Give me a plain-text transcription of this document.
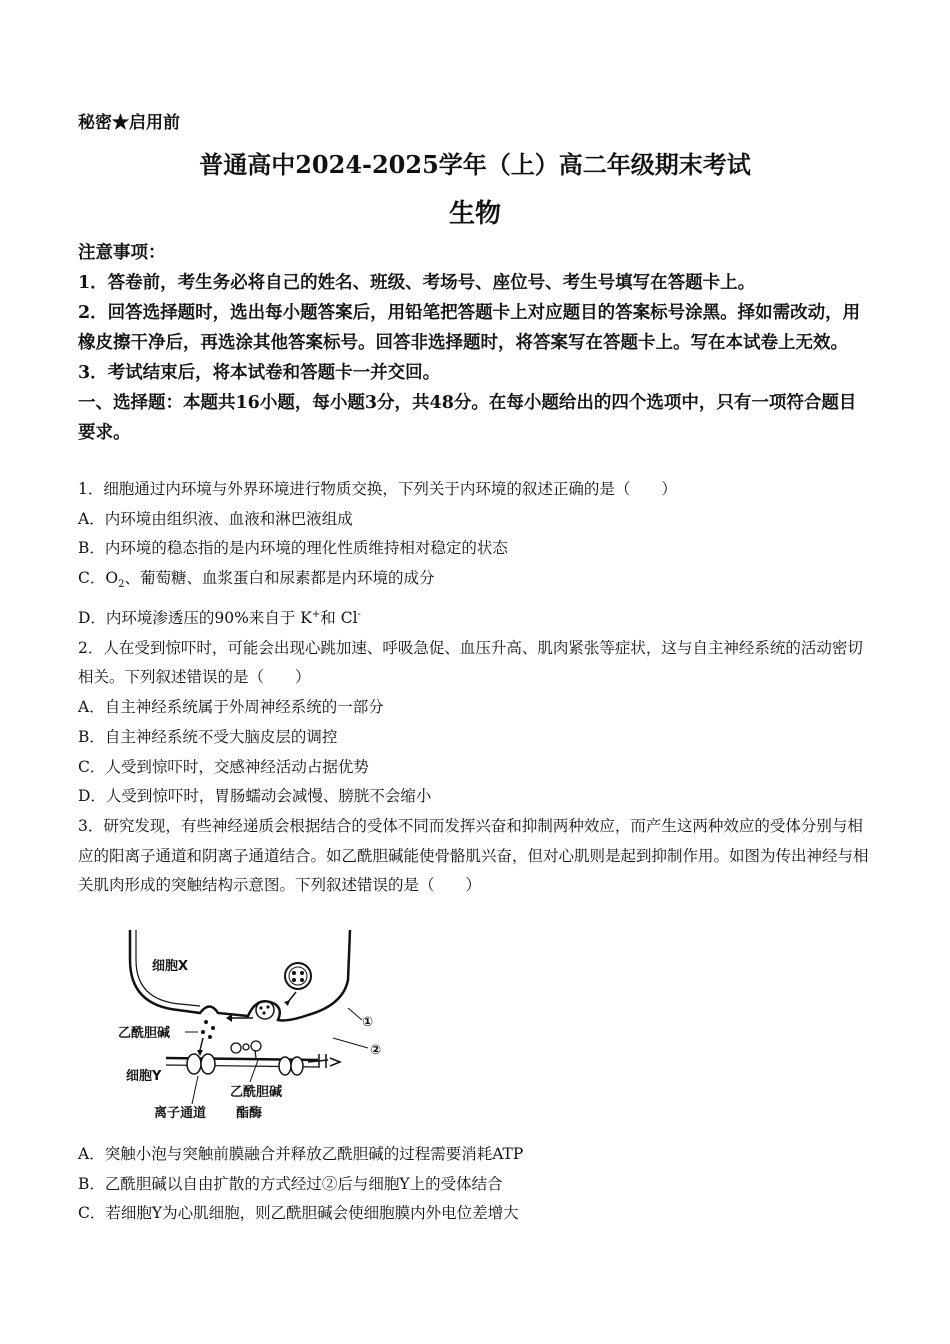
秘密★启用前
普通高中2024-2025学年（上）高二年级期末考试
生物

注意事项：

1．答卷前，考生务必将自己的姓名、班级、考场号、座位号、考生号填写在答题卡上。

2．回答选择题时，选出每小题答案后，用铅笔把答题卡上对应题目的答案标号涂黑。择如需改动，用橡皮擦干净后，再选涂其他答案标号。回答非选择题时，将答案写在答题卡上。写在本试卷上无效。

3．考试结束后，将本试卷和答题卡一并交回。

一、选择题：本题共16小题，每小题3分，共48分。在每小题给出的四个选项中，只有一项符合题目要求。

1．细胞通过内环境与外界环境进行物质交换，下列关于内环境的叙述正确的是（　　）

A．内环境由组织液、血液和淋巴液组成

B．内环境的稳态指的是内环境的理化性质维持相对稳定的状态

C．$O_2$、葡萄糖、血浆蛋白和尿素都是内环境的成分

D．内环境渗透压的90%来自于 K+和 Cl-

2．人在受到惊吓时，可能会出现心跳加速、呼吸急促、血压升高、肌肉紧张等症状，这与自主神经系统的活动密切相关。下列叙述错误的是（　　）

A．自主神经系统属于外周神经系统的一部分

B．自主神经系统不受大脑皮层的调控

C．人受到惊吓时，交感神经活动占据优势

D．人受到惊吓时，胃肠蠕动会减慢、膀胱不会缩小

3．研究发现，有些神经递质会根据结合的受体不同而发挥兴奋和抑制两种效应，而产生这两种效应的受体分别与相应的阳离子通道和阴离子通道结合。如乙酰胆碱能使骨骼肌兴奋，但对心肌则是起到抑制作用。如图为传出神经与相关肌肉形成的突触结构示意图。下列叙述错误的是（　　）

细胞X
乙酰胆碱
细胞Y
离子通道
乙酰胆碱
酯酶
①
②

A．突触小泡与突触前膜融合并释放乙酰胆碱的过程需要消耗ATP

B．乙酰胆碱以自由扩散的方式经过②后与细胞Y上的受体结合

C．若细胞Y为心肌细胞，则乙酰胆碱会使细胞膜内外电位差增大
